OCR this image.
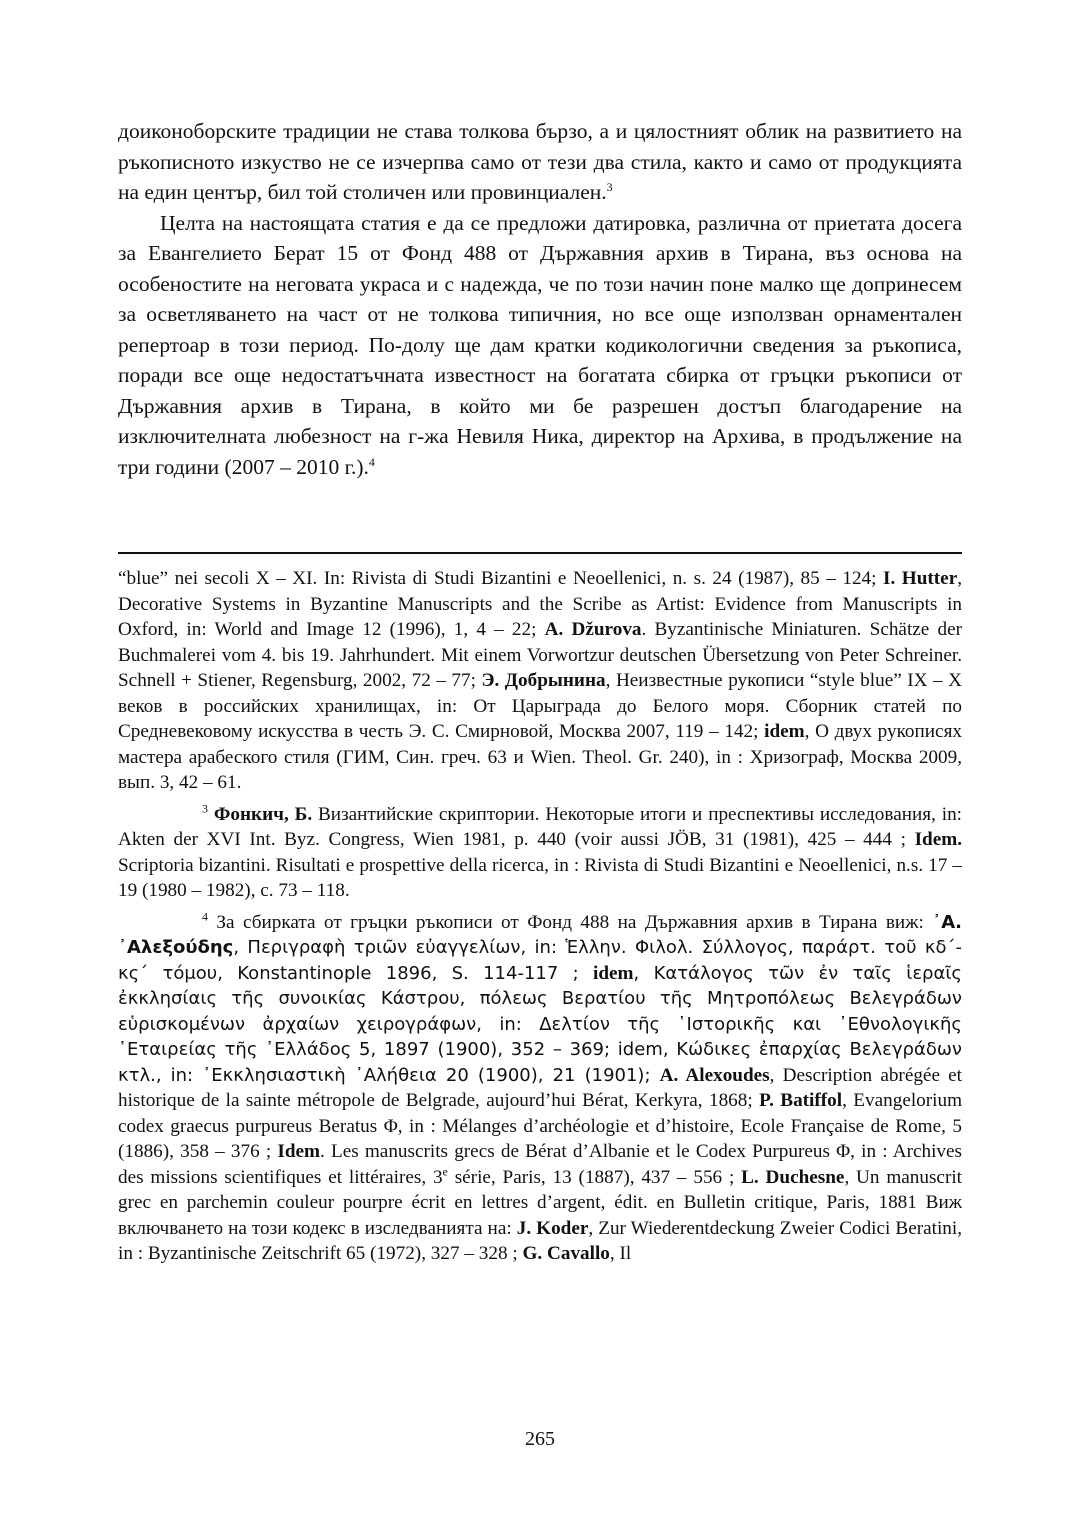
доиконоборските традиции не става толкова бързо, а и цялостният облик на развитието на ръкописното изкуство не се изчерпва само от тези два стила, както и само от продукцията на един център, бил той столичен или провинциален.$^3$

Целта на настоящата статия е да се предложи датировка, различна от приетата досега за Евангелието Берат 15 от Фонд 488 от Държавния архив в Тирана, въз основа на особеностите на неговата украса и с надежда, че по този начин поне малко ще допринесем за осветляването на част от не толкова типичния, но все още използван орнаментален репертоар в този период. По-долу ще дам кратки кодикологични сведения за ръкописа, поради все още недостатъчната известност на богатата сбирка от гръцки ръкописи от Държавния архив в Тирана, в който ми бе разрешен достъп благодарение на изключителната любезност на г-жа Невиля Ника, директор на Архива, в продължение на три години (2007 – 2010 г.).$^4$

“blue” nei secoli X – XI. In: Rivista di Studi Bizantini e Neoellenici, n. s. 24 (1987), 85 – 124; I. Hutter, Decorative Systems in Byzantine Manuscripts and the Scribe as Artist: Evidence from Manuscripts in Oxford, in: World and Image 12 (1996), 1, 4 – 22; A. Džurova. Byzantinische Miniaturen. Schätze der Buchmalerei vom 4. bis 19. Jahrhundert. Mit einem Vorwortzur deutschen Übersetzung von Peter Schreiner. Schnell + Stiener, Regensburg, 2002, 72 – 77; Э. Добрынина, Неизвестные рукописи “style blue” IX – X веков в российских хранилищах, in: От Царыграда до Белого моря. Сборник статей по Средневековому искусства в честь Э. С. Смирновой, Москва 2007, 119 – 142; idem, О двух рукописях мастера арабеского стиля (ГИМ, Син. греч. 63 и Wien. Theol. Gr. 240), in : Хризограф, Москва 2009, вып. 3, 42 – 61.

$^3$ Фонкич, Б. Византийские скриптории. Некоторые итоги и преспективы исследования, in: Akten der XVI Int. Byz. Congress, Wien 1981, p. 440 (voir aussi JÖB, 31 (1981), 425 – 444 ; Idem. Scriptoria bizantini. Risultati e prospettive della ricerca, in : Rivista di Studi Bizantini e Neoellenici, n.s. 17 – 19 (1980 – 1982), c. 73 – 118.

$^4$ За сбирката от гръцки ръкописи от Фонд 488 на Държавния архив в Тирана виж: ᾿Α. ᾿Αλεξούδης, Περιγραφὴ τριῶν εὐαγγελίων, in: Ἑλλην. Φιλολ. Σύλλογος, παράρτ. τοῦ κδ΄-κς΄ τόμου, Konstantinople 1896, S. 114-117 ; idem, Κατάλογος τῶν ἐν ταῖς ἱεραῖς ἐκκλησίαις τῆς συνοικίας Κάστρου, πόλεως Βερατίου τῆς Μητροπόλεως Βελεγράδων εὑρισκομένων ἀρχαίων χειρογράφων, in: Δελτίον τῆς ῾Ιστορικῆς και ᾿Εθνολογικῆς ῾Εταιρείας τῆς ᾿Ελλάδος 5, 1897 (1900), 352 – 369; idem, Κώδικες ἐπαρχίας Βελεγράδων κτλ., in: ᾿Εκκλησιαστικὴ ᾿Αλήθεια 20 (1900), 21 (1901); A. Alexoudes, Description abrégée et historique de la sainte métropole de Belgrade, aujourd’hui Bérat, Kerkyra, 1868; P. Batiffol, Evangelorium codex graecus purpureus Beratus Φ, in : Mélanges d’archéologie et d’histoire, Ecole Française de Rome, 5 (1886), 358 – 376 ; Idem. Les manuscrits grecs de Bérat d’Albanie et le Codex Purpureus Φ, in : Archives des missions scientifiques et littéraires, 3e série, Paris, 13 (1887), 437 – 556 ; L. Duchesne, Un manuscrit grec en parchemin couleur pourpre écrit en lettres d’argent, édit. en Bulletin critique, Paris, 1881 Виж включването на този кодекс в изследванията на: J. Koder, Zur Wiederentdeckung Zweier Codici Beratini, in : Byzantinische Zeitschrift 65 (1972), 327 – 328 ; G. Cavallo, Il

265
